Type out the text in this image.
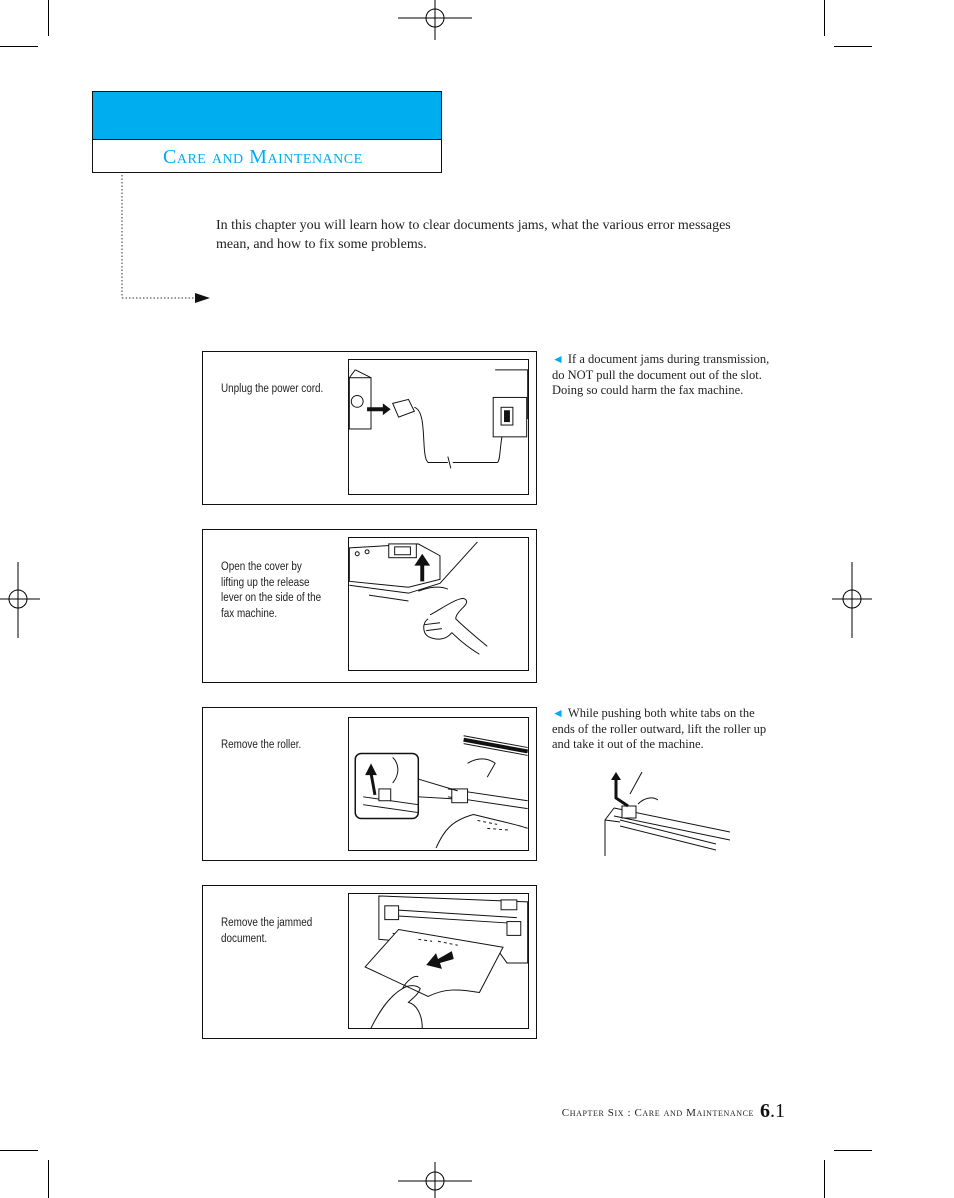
Care and Maintenance
In this chapter you will learn how to clear documents jams, what the various error messages mean, and how to fix some problems.
Unplug the power cord.
Open the cover by lifting up the release lever on the side of the fax machine.
Remove the roller.
Remove the jammed document.
◄ If a document jams during transmission, do NOT pull the document out of the slot. Doing so could harm the fax machine.
◄ While pushing both white tabs on the ends of the roller outward, lift the roller up and take it out of the machine.
Chapter Six : Care and Maintenance 6.1
